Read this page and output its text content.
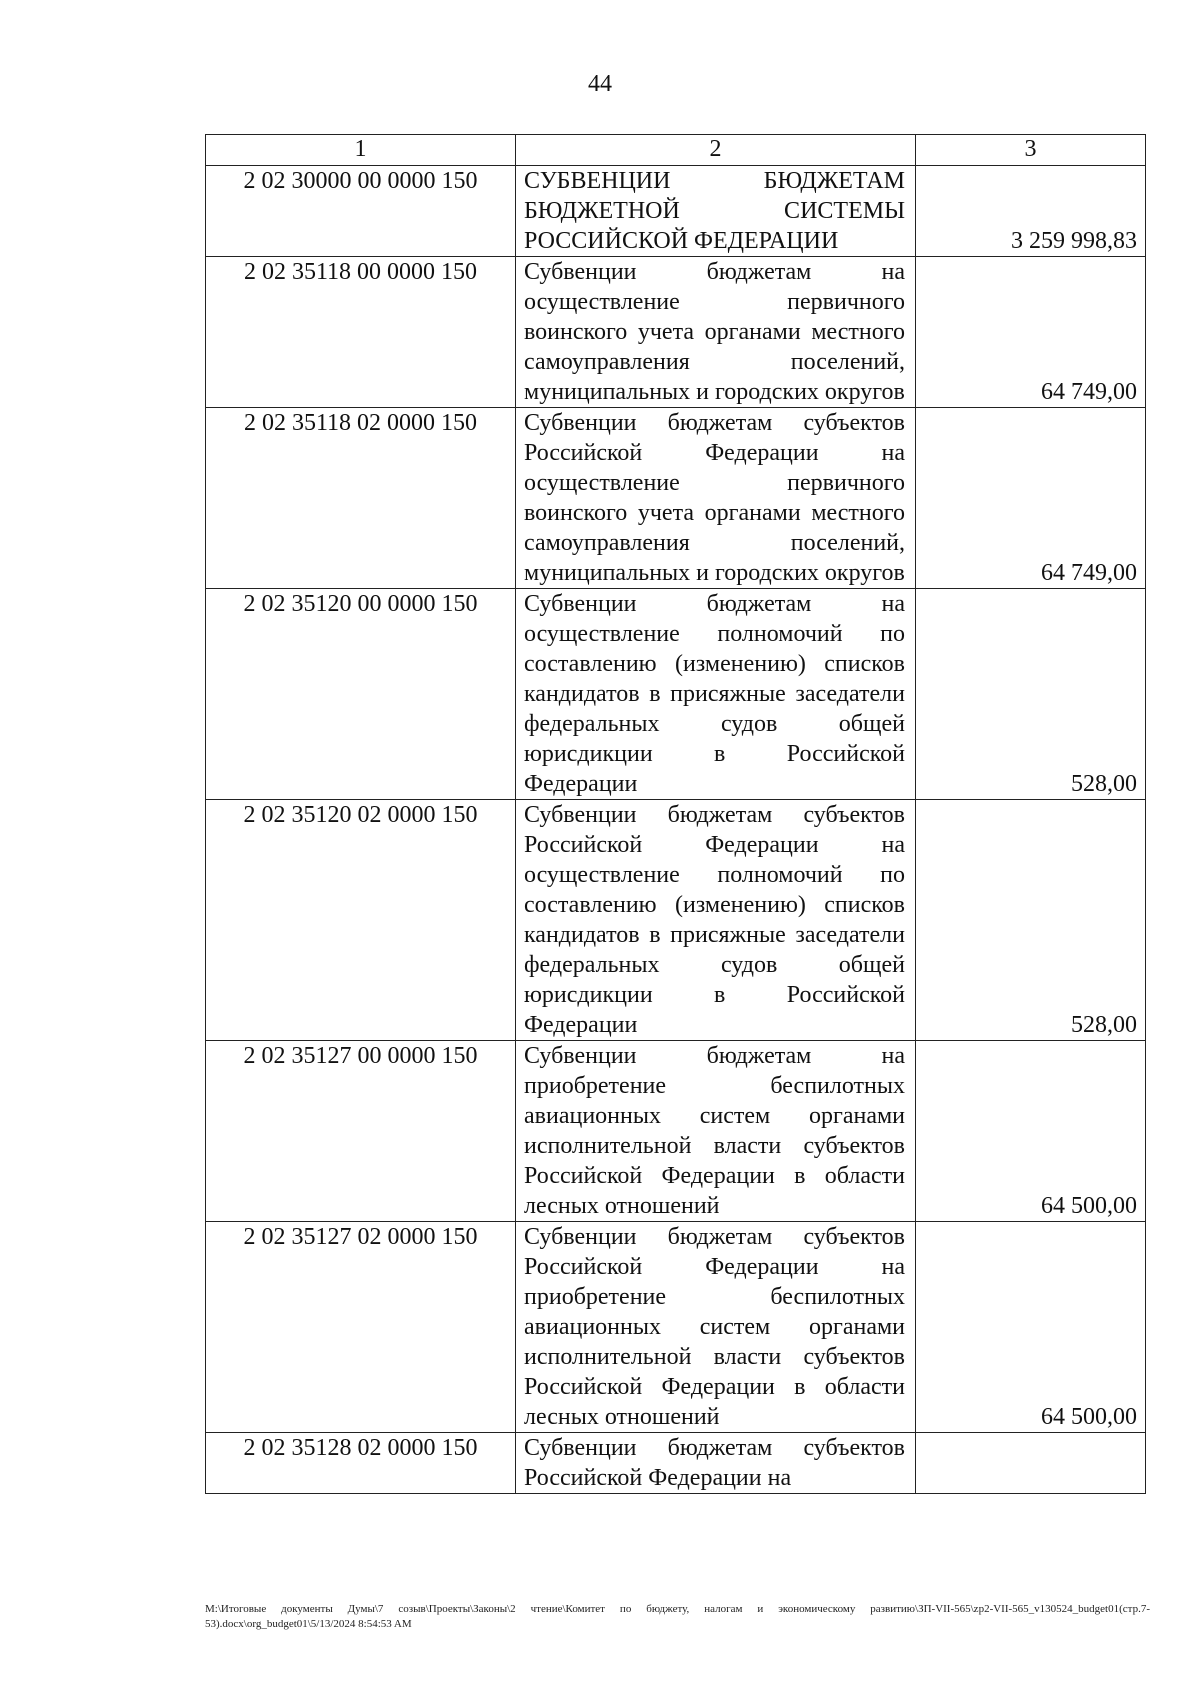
44
1	2	3
2 02 30000 00 0000 150	СУБВЕНЦИИ БЮДЖЕТАМ БЮДЖЕТНОЙ СИСТЕМЫ РОССИЙСКОЙ ФЕДЕРАЦИИ	3 259 998,83
2 02 35118 00 0000 150	Субвенции бюджетам на осуществление первичного воинского учета органами местного самоуправления поселений, муниципальных и городских округов	64 749,00
2 02 35118 02 0000 150	Субвенции бюджетам субъектов Российской Федерации на осуществление первичного воинского учета органами местного самоуправления поселений, муниципальных и городских округов	64 749,00
2 02 35120 00 0000 150	Субвенции бюджетам на осуществление полномочий по составлению (изменению) списков кандидатов в присяжные заседатели федеральных судов общей юрисдикции в Российской Федерации	528,00
2 02 35120 02 0000 150	Субвенции бюджетам субъектов Российской Федерации на осуществление полномочий по составлению (изменению) списков кандидатов в присяжные заседатели федеральных судов общей юрисдикции в Российской Федерации	528,00
2 02 35127 00 0000 150	Субвенции бюджетам на приобретение беспилотных авиационных систем органами исполнительной власти субъектов Российской Федерации в области лесных отношений	64 500,00
2 02 35127 02 0000 150	Субвенции бюджетам субъектов Российской Федерации на приобретение беспилотных авиационных систем органами исполнительной власти субъектов Российской Федерации в области лесных отношений	64 500,00
2 02 35128 02 0000 150	Субвенции бюджетам субъектов Российской Федерации на	
M:\Итоговые документы Думы\7 созыв\Проекты\Законы\2 чтение\Комитет по бюджету, налогам и экономическому развитию\ЗП-VII-565\zp2-VII-565_v130524_budget01(стр.7-53).docx\org_budget01\5/13/2024 8:54:53 AM
